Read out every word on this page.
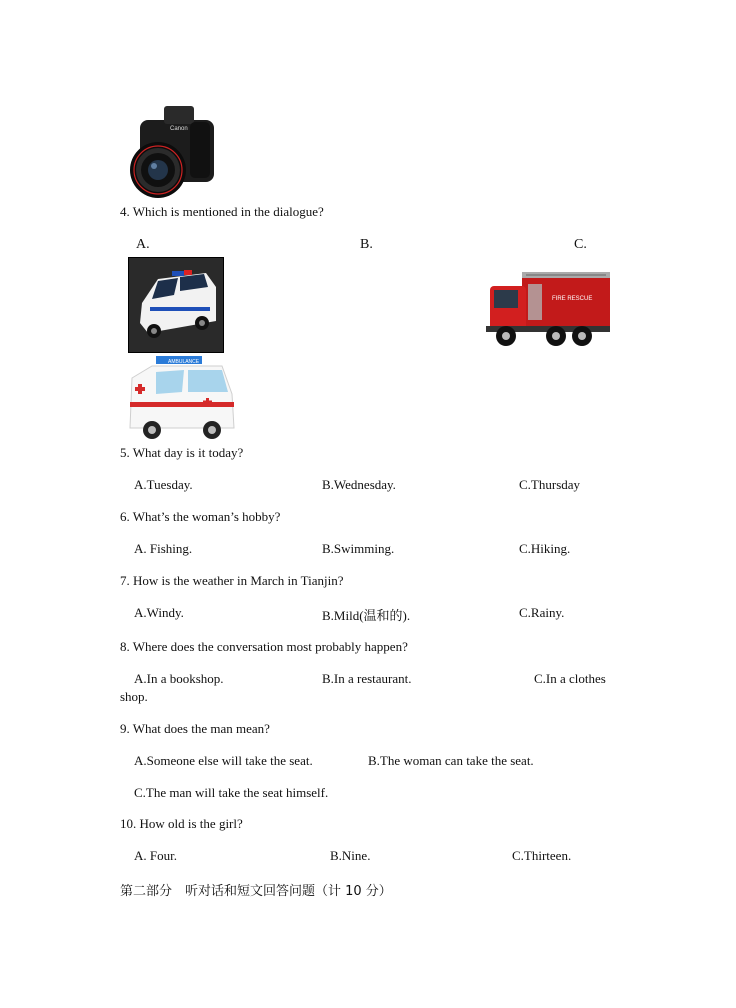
Canon
4. Which is mentioned in the dialogue?
A.	B.	C.
FIRE RESCUE
AMBULANCE
5. What day is it today?
A.Tuesday.	B.Wednesday.	C.Thursday
6. What’s the woman’s hobby?
A. Fishing.	B.Swimming.	C.Hiking.
7. How is the weather in March in Tianjin?
A.Windy.	B.Mild(温和的).	C.Rainy.
8. Where does the conversation most probably happen?
A.In a bookshop.	B.In a restaurant.	C.In a clothes
shop.
9. What does the man mean?
A.Someone else will take the seat.	B.The woman can take the seat.
C.The man will take the seat himself.
10. How old is the girl?
A. Four.	B.Nine.	C.Thirteen.
第二部分　听对话和短文回答问题（计 10 分）
